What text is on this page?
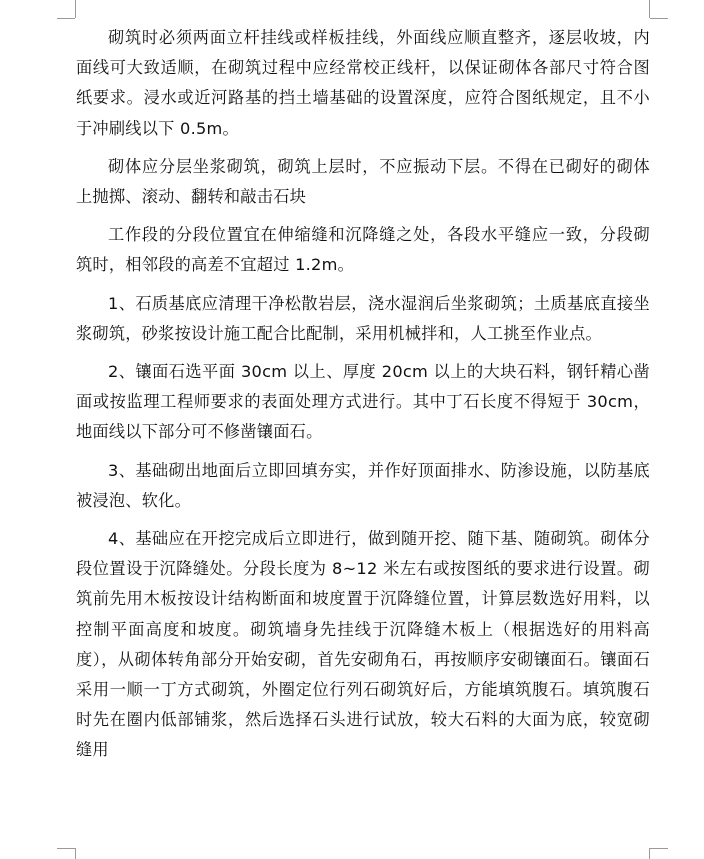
砌筑时必须两面立杆挂线或样板挂线，外面线应顺直整齐，逐层收坡，内面线可大致适顺，在砌筑过程中应经常校正线杆，以保证砌体各部尺寸符合图纸要求。浸水或近河路基的挡土墙基础的设置深度，应符合图纸规定，且不小于冲刷线以下 0.5m。

砌体应分层坐浆砌筑，砌筑上层时，不应振动下层。不得在已砌好的砌体上抛掷、滚动、翻转和敲击石块

工作段的分段位置宜在伸缩缝和沉降缝之处，各段水平缝应一致，分段砌筑时，相邻段的高差不宜超过 1.2m。

1、石质基底应清理干净松散岩层，浇水湿润后坐浆砌筑；土质基底直接坐浆砌筑，砂浆按设计施工配合比配制，采用机械拌和，人工挑至作业点。

2、镶面石选平面 30cm 以上、厚度 20cm 以上的大块石料，钢钎精心凿面或按监理工程师要求的表面处理方式进行。其中丁石长度不得短于 30cm，地面线以下部分可不修凿镶面石。

3、基础砌出地面后立即回填夯实，并作好顶面排水、防渗设施，以防基底被浸泡、软化。

4、基础应在开挖完成后立即进行，做到随开挖、随下基、随砌筑。砌体分段位置设于沉降缝处。分段长度为 8~12 米左右或按图纸的要求进行设置。砌筑前先用木板按设计结构断面和坡度置于沉降缝位置，计算层数选好用料，以控制平面高度和坡度。砌筑墙身先挂线于沉降缝木板上（根据选好的用料高度），从砌体转角部分开始安砌，首先安砌角石，再按顺序安砌镶面石。镶面石采用一顺一丁方式砌筑，外圈定位行列石砌筑好后，方能填筑腹石。填筑腹石时先在圈内低部铺浆，然后选择石头进行试放，较大石料的大面为底，较宽砌缝用
